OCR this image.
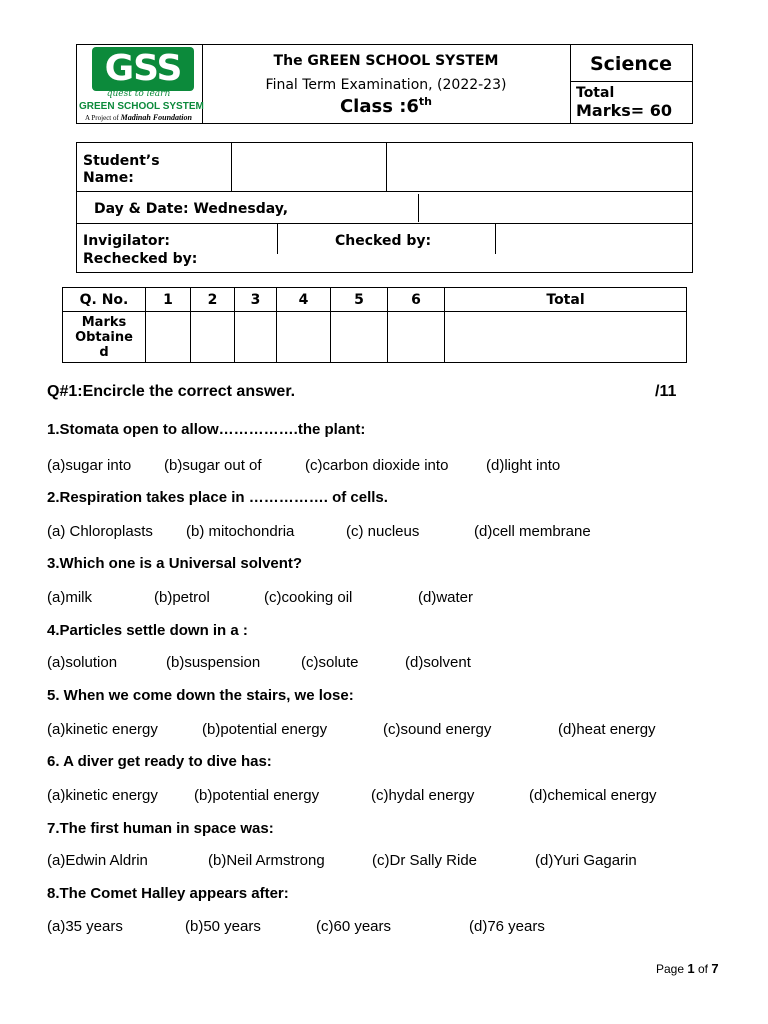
GSS
quest to learn
GREEN SCHOOL SYSTEM
A Project of Madinah Foundation
The GREEN SCHOOL SYSTEM
Final Term Examination, (2022-23)
Class :6th
Science
Total
Marks= 60
Student’s
Name:
Day & Date: Wednesday,
Invigilator:
Rechecked by:
Checked by:
Q. No.	1	2	3	4	5	6	Total

Marks
Obtaine
d							

Q#1:Encircle the correct answer.	/11
1.Stomata open to allow…………….the plant:
(a)sugar into (b)sugar out of	(c)carbon dioxide into	(d)light into
2.Respiration takes place in ……………. of cells.
(a) Chloroplasts (b) mitochondria	(c) nucleus	(d)cell membrane
3.Which one is a Universal solvent?
(a)milk	(b)petrol	(c)cooking oil	(d)water
4.Particles settle down in a :
(a)solution	(b)suspension	(c)solute	(d)solvent
5. When we come down the stairs, we lose:
(a)kinetic energy	(b)potential energy	(c)sound energy	(d)heat energy
6. A diver get ready to dive has:
(a)kinetic energy (b)potential energy	(c)hydal energy	(d)chemical energy
7.The first human in space was:
(a)Edwin Aldrin	(b)Neil Armstrong	(c)Dr Sally Ride	(d)Yuri Gagarin
8.The Comet Halley appears after:
(a)35 years	(b)50 years	(c)60 years	(d)76 years
Page 1 of 7
